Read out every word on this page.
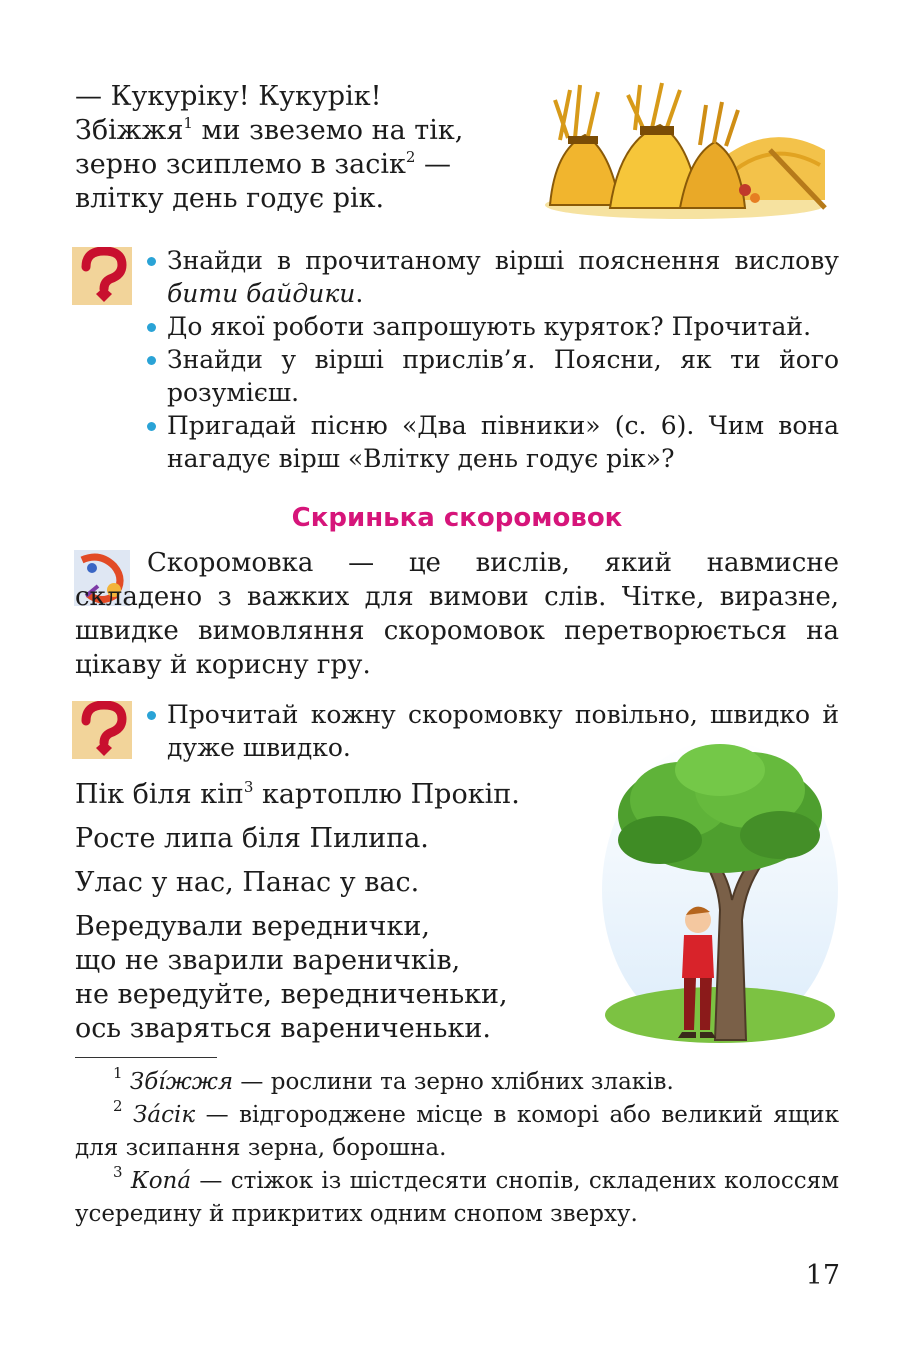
— Кукуріку! Кукурік!
Збіжжя$^1$ ми звеземо на тік,
зерно зсиплемо в засік$^2$ —
влітку день годує рік.
Знайди в прочитаному вірші пояснення вислову бити байдики.
До якої роботи запрошують куряток? Прочитай.
Знайди у вірші прислів’я. Поясни, як ти його розумієш.
Пригадай пісню «Два півники» (с. 6). Чим вона нагадує вірш «Влітку день годує рік»?
Скринька скоромовок
Скоромовка — це вислів, який навмисне складено з важких для вимови слів. Чітке, виразне, швидке вимовляння скоромовок перетворюється на цікаву й корисну гру.
Прочитай кожну скоромовку повільно, швидко й дуже швидко.
Пік біля кіп$^3$ картоплю Прокіп.
Росте липа біля Пилипа.
Улас у нас, Панас у вас.
Вередували вереднички,
що не зварили вареничків,
не вередуйте, вередниченьки,
ось зваряться варениченьки.
$^1$ Збі́жжя — рослини та зерно хлібних злаків.
$^2$ За́сік — відгороджене місце в коморі або великий ящик для зсипання зерна, борошна.
$^3$ Копа́ — стіжок із шістдесяти снопів, складених колоссям усередину й прикритих одним снопом зверху.
17
